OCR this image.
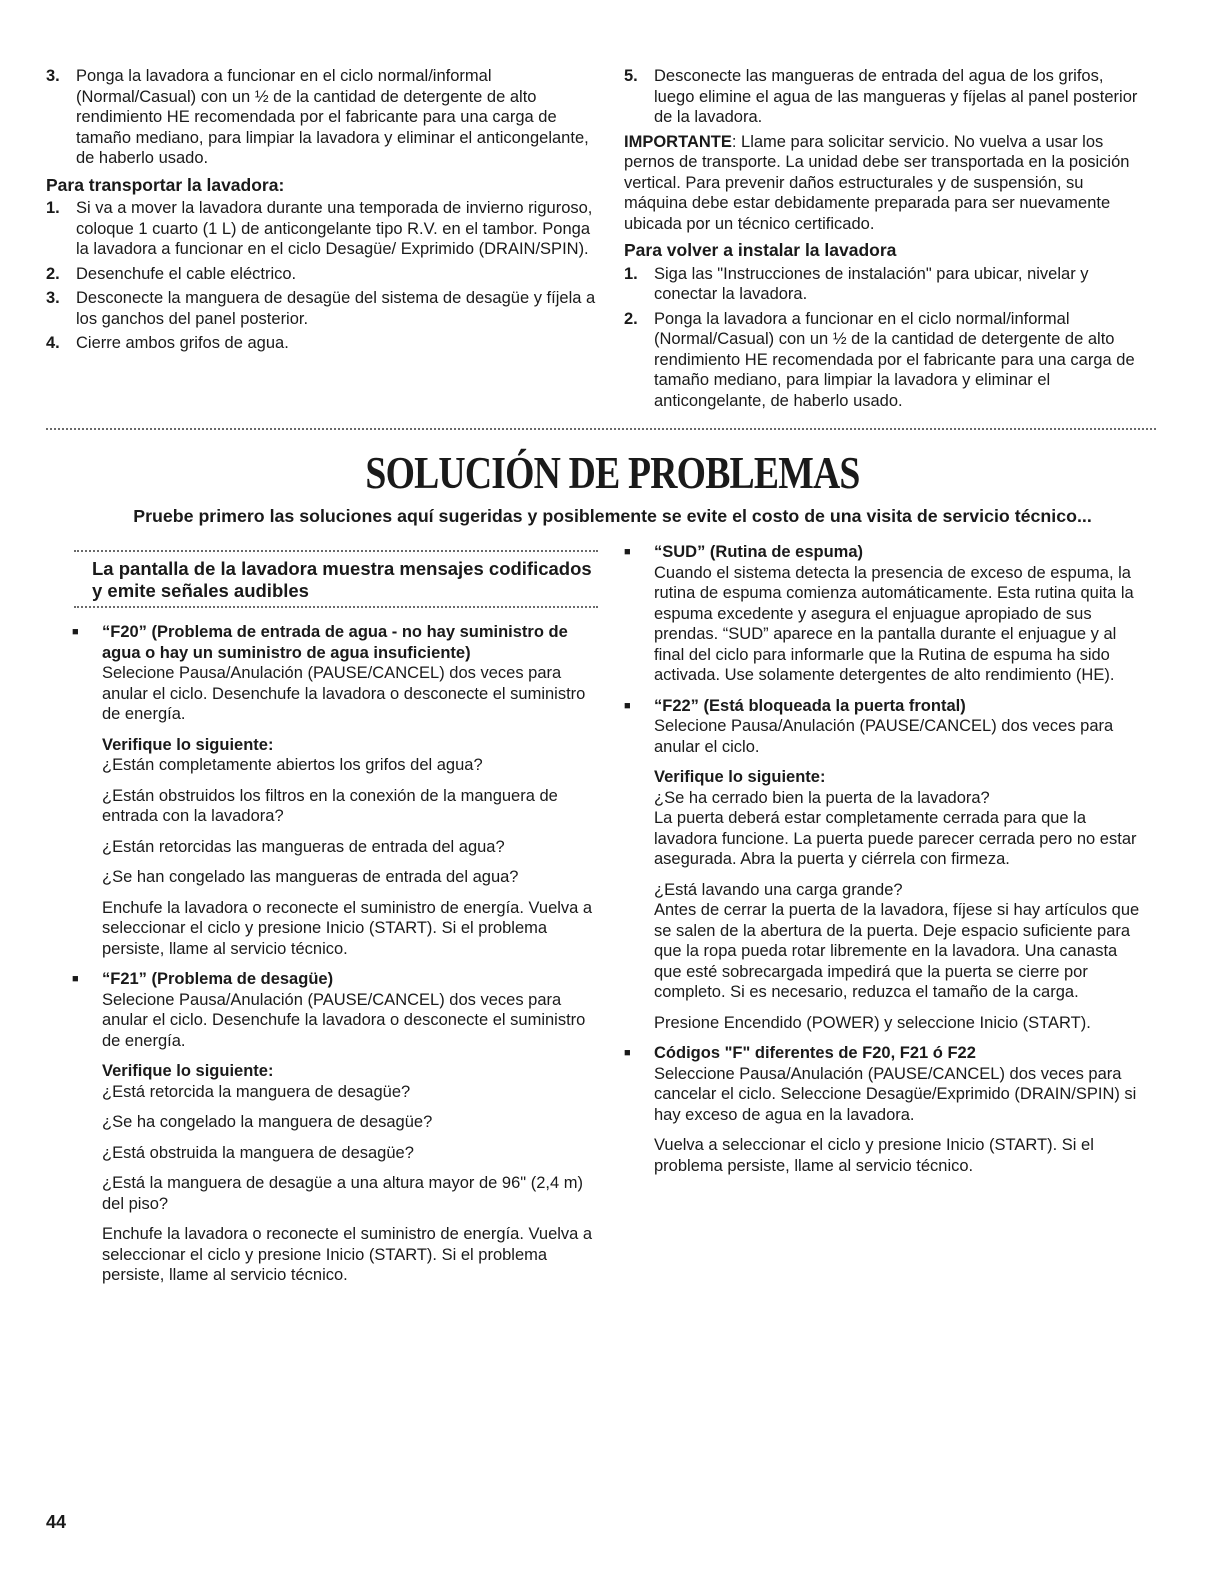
3. Ponga la lavadora a funcionar en el ciclo normal/informal (Normal/Casual) con un ½ de la cantidad de detergente de alto rendimiento HE recomendada por el fabricante para una carga de tamaño mediano, para limpiar la lavadora y eliminar el anticongelante, de haberlo usado.
Para transportar la lavadora:
1. Si va a mover la lavadora durante una temporada de invierno riguroso, coloque 1 cuarto (1 L) de anticongelante tipo R.V. en el tambor. Ponga la lavadora a funcionar en el ciclo Desagüe/ Exprimido (DRAIN/SPIN).
2. Desenchufe el cable eléctrico.
3. Desconecte la manguera de desagüe del sistema de desagüe y fíjela a los ganchos del panel posterior.
4. Cierre ambos grifos de agua.
5. Desconecte las mangueras de entrada del agua de los grifos, luego elimine el agua de las mangueras y fíjelas al panel posterior de la lavadora.
IMPORTANTE: Llame para solicitar servicio. No vuelva a usar los pernos de transporte. La unidad debe ser transportada en la posición vertical. Para prevenir daños estructurales y de suspensión, su máquina debe estar debidamente preparada para ser nuevamente ubicada por un técnico certificado.
Para volver a instalar la lavadora
1. Siga las "Instrucciones de instalación" para ubicar, nivelar y conectar la lavadora.
2. Ponga la lavadora a funcionar en el ciclo normal/informal (Normal/Casual) con un ½ de la cantidad de detergente de alto rendimiento HE recomendada por el fabricante para una carga de tamaño mediano, para limpiar la lavadora y eliminar el anticongelante, de haberlo usado.
SOLUCIÓN DE PROBLEMAS
Pruebe primero las soluciones aquí sugeridas y posiblemente se evite el costo de una visita de servicio técnico...
La pantalla de la lavadora muestra mensajes codificados y emite señales audibles
■	“F20” (Problema de entrada de agua - no hay suministro de agua o hay un suministro de agua insuficiente)
Selecione Pausa/Anulación (PAUSE/CANCEL) dos veces para anular el ciclo. Desenchufe la lavadora o desconecte el suministro de energía.
Verifique lo siguiente:
¿Están completamente abiertos los grifos del agua?
¿Están obstruidos los filtros en la conexión de la manguera de entrada con la lavadora?
¿Están retorcidas las mangueras de entrada del agua?
¿Se han congelado las mangueras de entrada del agua?
Enchufe la lavadora o reconecte el suministro de energía. Vuelva a seleccionar el ciclo y presione Inicio (START). Si el problema persiste, llame al servicio técnico.
■	“F21” (Problema de desagüe)
Selecione Pausa/Anulación (PAUSE/CANCEL) dos veces para anular el ciclo. Desenchufe la lavadora o desconecte el suministro de energía.
Verifique lo siguiente:
¿Está retorcida la manguera de desagüe?
¿Se ha congelado la manguera de desagüe?
¿Está obstruida la manguera de desagüe?
¿Está la manguera de desagüe a una altura mayor de 96" (2,4 m) del piso?
Enchufe la lavadora o reconecte el suministro de energía. Vuelva a seleccionar el ciclo y presione Inicio (START). Si el problema persiste, llame al servicio técnico.
■	“SUD” (Rutina de espuma)
Cuando el sistema detecta la presencia de exceso de espuma, la rutina de espuma comienza automáticamente. Esta rutina quita la espuma excedente y asegura el enjuague apropiado de sus prendas. “SUD” aparece en la pantalla durante el enjuague y al final del ciclo para informarle que la Rutina de espuma ha sido activada. Use solamente detergentes de alto rendimiento (HE).
■	“F22” (Está bloqueada la puerta frontal)
Selecione Pausa/Anulación (PAUSE/CANCEL) dos veces para anular el ciclo.
Verifique lo siguiente:
¿Se ha cerrado bien la puerta de la lavadora?
La puerta deberá estar completamente cerrada para que la lavadora funcione. La puerta puede parecer cerrada pero no estar asegurada. Abra la puerta y ciérrela con firmeza.
¿Está lavando una carga grande?
Antes de cerrar la puerta de la lavadora, fíjese si hay artículos que se salen de la abertura de la puerta. Deje espacio suficiente para que la ropa pueda rotar libremente en la lavadora. Una canasta que esté sobrecargada impedirá que la puerta se cierre por completo. Si es necesario, reduzca el tamaño de la carga.
Presione Encendido (POWER) y seleccione Inicio (START).
■	Códigos "F" diferentes de F20, F21 ó F22
Seleccione Pausa/Anulación (PAUSE/CANCEL) dos veces para cancelar el ciclo. Seleccione Desagüe/Exprimido (DRAIN/SPIN) si hay exceso de agua en la lavadora.
Vuelva a seleccionar el ciclo y presione Inicio (START). Si el problema persiste, llame al servicio técnico.
44
